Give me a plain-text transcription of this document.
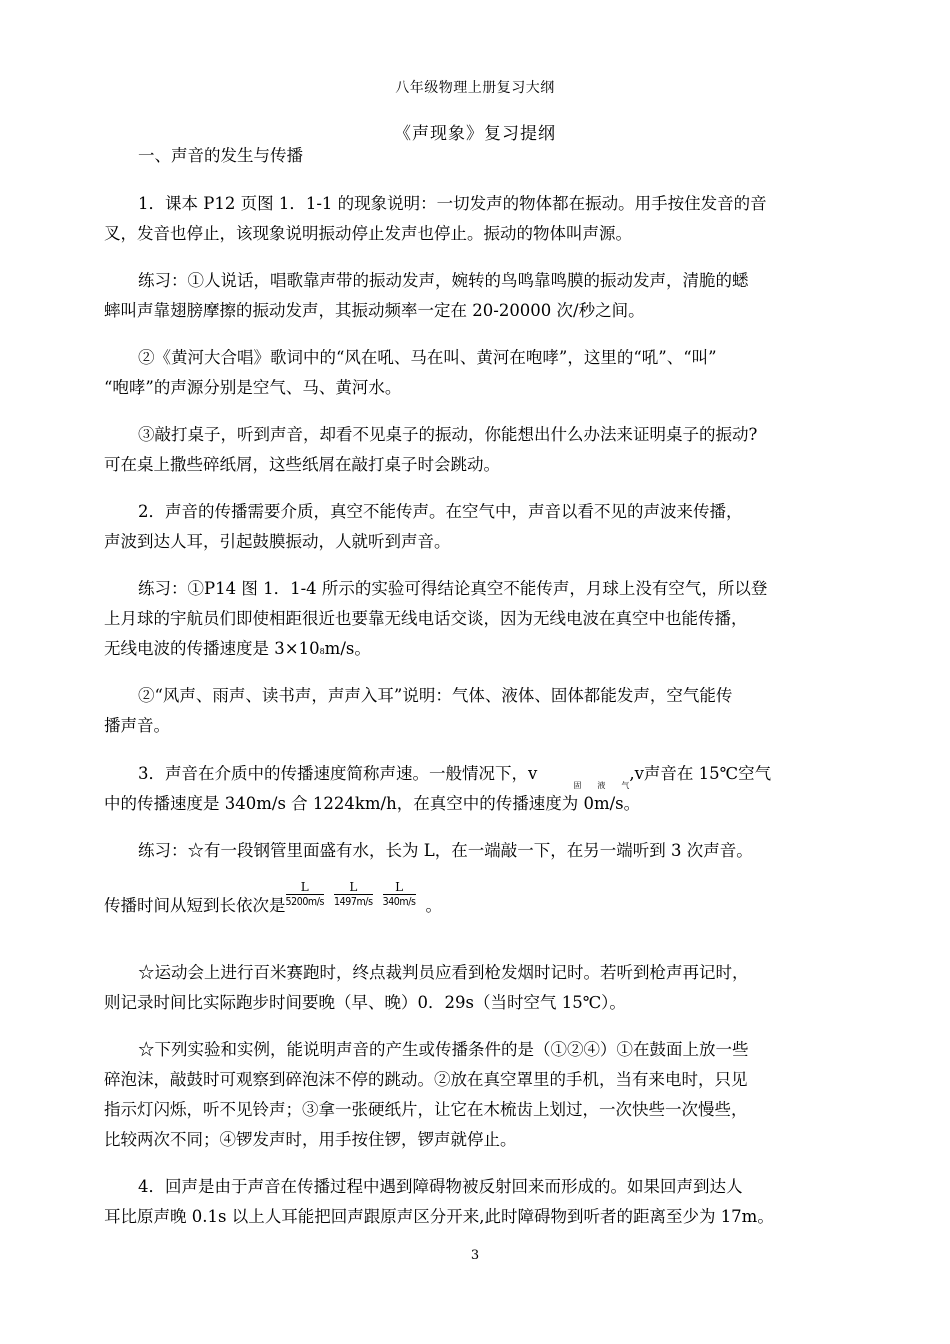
八年级物理上册复习大纲
《声现象》复习提纲
一、声音的发生与传播
1．课本 P12 页图 1．1-1 的现象说明：一切发声的物体都在振动。用手按住发音的音
叉，发音也停止，该现象说明振动停止发声也停止。振动的物体叫声源。
练习：①人说话，唱歌靠声带的振动发声，婉转的鸟鸣靠鸣膜的振动发声，清脆的蟋
蟀叫声靠翅膀摩擦的振动发声，其振动频率一定在 20-20000 次/秒之间。
②《黄河大合唱》歌词中的“风在吼、马在叫、黄河在咆哮”，这里的“吼”、“叫”
“咆哮”的声源分别是空气、马、黄河水。
③敲打桌子，听到声音，却看不见桌子的振动，你能想出什么办法来证明桌子的振动?
可在桌上撒些碎纸屑，这些纸屑在敲打桌子时会跳动。
2．声音的传播需要介质，真空不能传声。在空气中，声音以看不见的声波来传播，
声波到达人耳，引起鼓膜振动，人就听到声音。
练习：①P14 图 1．1-4 所示的实验可得结论真空不能传声，月球上没有空气，所以登
上月球的宇航员们即使相距很近也要靠无线电话交谈，因为无线电波在真空中也能传播，
无线电波的传播速度是 3×108m/s。
②“风声、雨声、读书声，声声入耳”说明：气体、液体、固体都能发声，空气能传
播声音。
3．声音在介质中的传播速度简称声速。一般情况下，v
固 液 气
,v声音在 15℃空气
中的传播速度是 340m/s 合 1224km/h，在真空中的传播速度为 0m/s。
练习：☆有一段钢管里面盛有水，长为 L，在一端敲一下，在另一端听到 3 次声音。
传播时间从短到长依次是 $\frac{L}{5200m/s} \frac{L}{1497m/s} \frac{L}{340m/s}$ 。
☆运动会上进行百米赛跑时，终点裁判员应看到枪发烟时记时。若听到枪声再记时，
则记录时间比实际跑步时间要晚（早、晚）0．29s（当时空气 15℃）。
☆下列实验和实例，能说明声音的产生或传播条件的是（①②④）①在鼓面上放一些
碎泡沫，敲鼓时可观察到碎泡沫不停的跳动。②放在真空罩里的手机，当有来电时，只见
指示灯闪烁，听不见铃声；③拿一张硬纸片，让它在木梳齿上划过，一次快些一次慢些，
比较两次不同；④锣发声时，用手按住锣，锣声就停止。
4．回声是由于声音在传播过程中遇到障碍物被反射回来而形成的。如果回声到达人
耳比原声晚 0.1s 以上人耳能把回声跟原声区分开来,此时障碍物到听者的距离至少为 17m。
3
